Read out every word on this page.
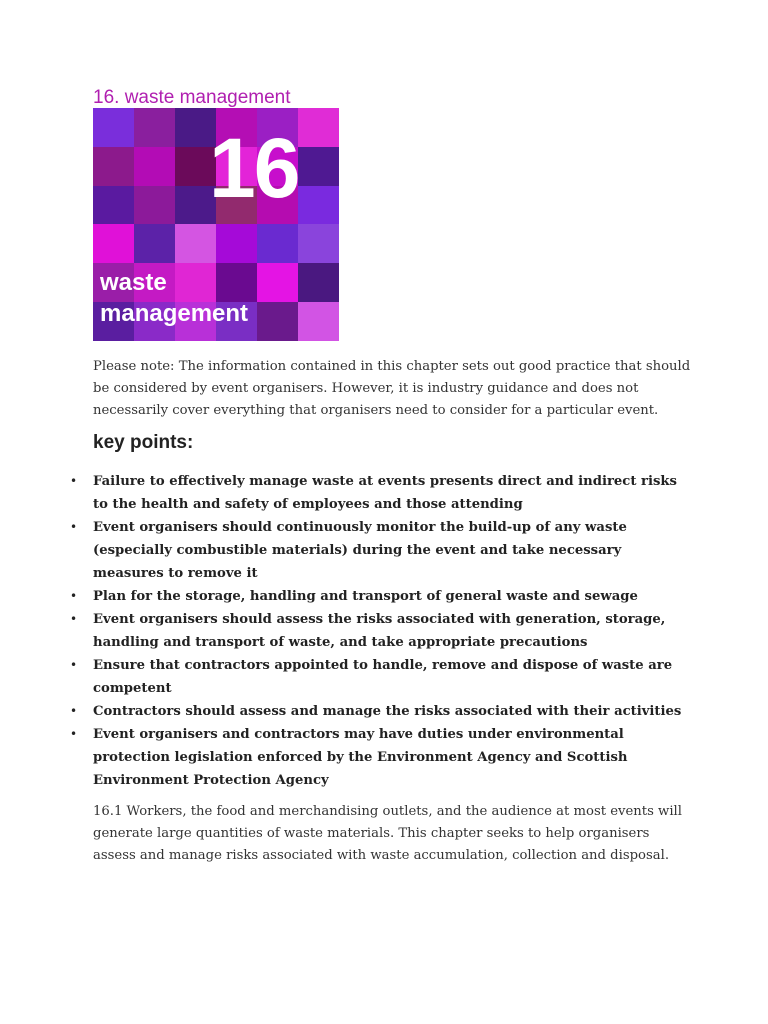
16. waste management
16
waste
management

Please note: The information contained in this chapter sets out good practice that should be considered by event organisers. However, it is industry guidance and does not necessarily cover everything that organisers need to consider for a particular event.

key points:
• Failure to effectively manage waste at events presents direct and indirect risks to the health and safety of employees and those attending
• Event organisers should continuously monitor the build-up of any waste (especially combustible materials) during the event and take necessary measures to remove it
• Plan for the storage, handling and transport of general waste and sewage
• Event organisers should assess the risks associated with generation, storage, handling and transport of waste, and take appropriate precautions
• Ensure that contractors appointed to handle, remove and dispose of waste are competent
• Contractors should assess and manage the risks associated with their activities
• Event organisers and contractors may have duties under environmental protection legislation enforced by the Environment Agency and Scottish Environment Protection Agency

16.1 Workers, the food and merchandising outlets, and the audience at most events will generate large quantities of waste materials. This chapter seeks to help organisers assess and manage risks associated with waste accumulation, collection and disposal.
